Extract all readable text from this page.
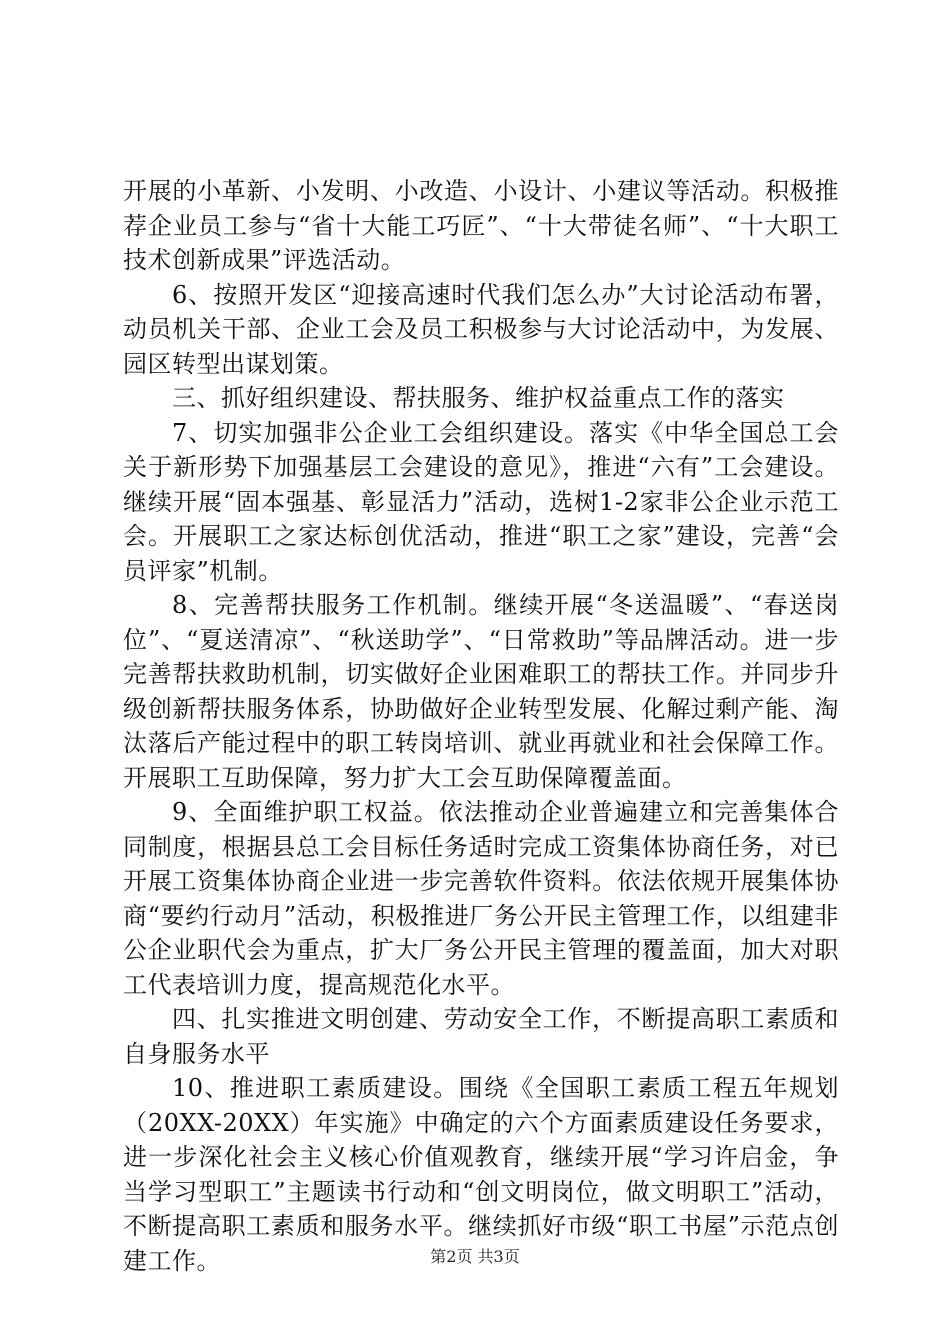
开展的小革新、小发明、小改造、小设计、小建议等活动。积极推荐企业员工参与“省十大能工巧匠”、“十大带徒名师”、“十大职工技术创新成果”评选活动。

6、按照开发区“迎接高速时代我们怎么办”大讨论活动布署，动员机关干部、企业工会及员工积极参与大讨论活动中，为发展、园区转型出谋划策。

三、抓好组织建设、帮扶服务、维护权益重点工作的落实

7、切实加强非公企业工会组织建设。落实《中华全国总工会关于新形势下加强基层工会建设的意见》，推进“六有”工会建设。继续开展“固本强基、彰显活力”活动，选树1-2家非公企业示范工会。开展职工之家达标创优活动，推进“职工之家”建设，完善“会员评家”机制。

8、完善帮扶服务工作机制。继续开展“冬送温暖”、“春送岗位”、“夏送清凉”、“秋送助学”、“日常救助”等品牌活动。进一步完善帮扶救助机制，切实做好企业困难职工的帮扶工作。并同步升级创新帮扶服务体系，协助做好企业转型发展、化解过剩产能、淘汰落后产能过程中的职工转岗培训、就业再就业和社会保障工作。开展职工互助保障，努力扩大工会互助保障覆盖面。

9、全面维护职工权益。依法推动企业普遍建立和完善集体合同制度，根据县总工会目标任务适时完成工资集体协商任务，对已开展工资集体协商企业进一步完善软件资料。依法依规开展集体协商“要约行动月”活动，积极推进厂务公开民主管理工作，以组建非公企业职代会为重点，扩大厂务公开民主管理的覆盖面，加大对职工代表培训力度，提高规范化水平。

四、扎实推进文明创建、劳动安全工作，不断提高职工素质和自身服务水平

10、推进职工素质建设。围绕《全国职工素质工程五年规划（20XX-20XX）年实施》中确定的六个方面素质建设任务要求，进一步深化社会主义核心价值观教育，继续开展“学习许启金，争当学习型职工”主题读书行动和“创文明岗位，做文明职工”活动，不断提高职工素质和服务水平。继续抓好市级“职工书屋”示范点创建工作。	第2页 共3页
